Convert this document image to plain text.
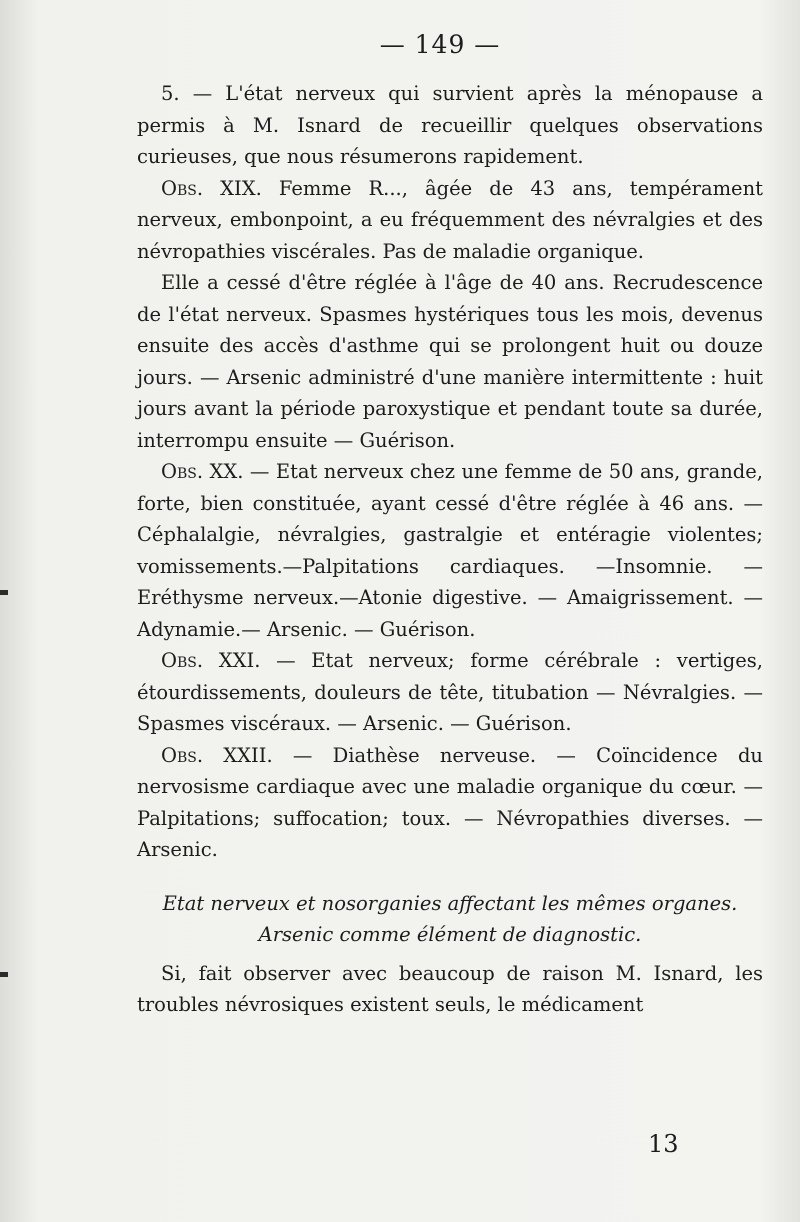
— 149 —

5. — L'état nerveux qui survient après la ménopause a permis à M. Isnard de recueillir quelques observations curieuses, que nous résumerons rapidement.

Obs. XIX. Femme R..., âgée de 43 ans, tempérament nerveux, embonpoint, a eu fréquemment des névralgies et des névropathies viscérales. Pas de maladie organique.

Elle a cessé d'être réglée à l'âge de 40 ans. Recrudescence de l'état nerveux. Spasmes hystériques tous les mois, devenus ensuite des accès d'asthme qui se prolongent huit ou douze jours. — Arsenic administré d'une manière intermittente : huit jours avant la période paroxystique et pendant toute sa durée, interrompu ensuite — Guérison.

Obs. XX. — Etat nerveux chez une femme de 50 ans, grande, forte, bien constituée, ayant cessé d'être réglée à 46 ans. — Céphalalgie, névralgies, gastralgie et entéragie violentes; vomissements.—Palpitations cardiaques. —Insomnie. —Eréthysme nerveux.—Atonie digestive. — Amaigrissement. — Adynamie.— Arsenic. — Guérison.

Obs. XXI. — Etat nerveux; forme cérébrale : vertiges, étourdissements, douleurs de tête, titubation — Névralgies. — Spasmes viscéraux. — Arsenic. — Guérison.

Obs. XXII. — Diathèse nerveuse. — Coïncidence du nervosisme cardiaque avec une maladie organique du cœur. — Palpitations; suffocation; toux. — Névropathies diverses. — Arsenic.

Etat nerveux et nosorganies affectant les mêmes organes.
Arsenic comme élément de diagnostic.

Si, fait observer avec beaucoup de raison M. Isnard, les troubles névrosiques existent seuls, le médicament

13
